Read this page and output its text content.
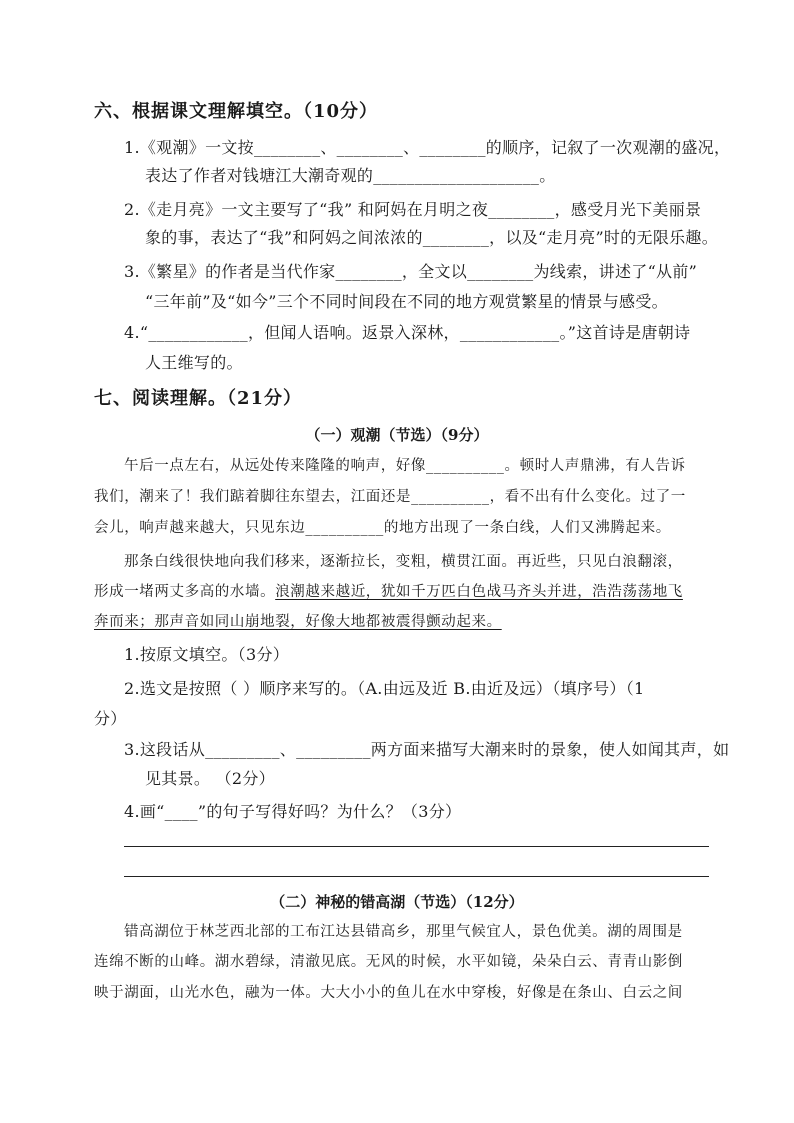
六、根据课文理解填空。（10分）
1.《观潮》一文按________、________、________的顺序，记叙了一次观潮的盛况，
表达了作者对钱塘江大潮奇观的____________________。
2.《走月亮》一文主要写了“我” 和阿妈在月明之夜________，感受月光下美丽景
象的事，表达了“我”和阿妈之间浓浓的________，以及“走月亮”时的无限乐趣。
3.《繁星》的作者是当代作家________，全文以________为线索，讲述了“从前”
“三年前”及“如今”三个不同时间段在不同的地方观赏繁星的情景与感受。
4.“____________，但闻人语响。返景入深林，____________。”这首诗是唐朝诗
人王维写的。
七、阅读理解。（21分）
（一）观潮（节选）（9分）
午后一点左右，从远处传来隆隆的响声，好像__________。顿时人声鼎沸，有人告诉
我们，潮来了！我们踮着脚往东望去，江面还是__________，看不出有什么变化。过了一
会儿，响声越来越大，只见东边__________的地方出现了一条白线，人们又沸腾起来。
那条白线很快地向我们移来，逐渐拉长，变粗，横贯江面。再近些，只见白浪翻滚，
形成一堵两丈多高的水墙。浪潮越来越近，犹如千万匹白色战马齐头并进，浩浩荡荡地飞
奔而来；那声音如同山崩地裂，好像大地都被震得颤动起来。
1.按原文填空。（3分）
2.选文是按照（ ）顺序来写的。（A.由远及近 B.由近及远）（填序号）（1
分）
3.这段话从_________、_________两方面来描写大潮来时的景象，使人如闻其声，如
见其景。 （2分）
4.画“____”的句子写得好吗？为什么？（3分）
（二）神秘的错高湖（节选）（12分）
错高湖位于林芝西北部的工布江达县错高乡，那里气候宜人，景色优美。湖的周围是
连绵不断的山峰。湖水碧绿，清澈见底。无风的时候，水平如镜，朵朵白云、青青山影倒
映于湖面，山光水色，融为一体。大大小小的鱼儿在水中穿梭，好像是在条山、白云之间
